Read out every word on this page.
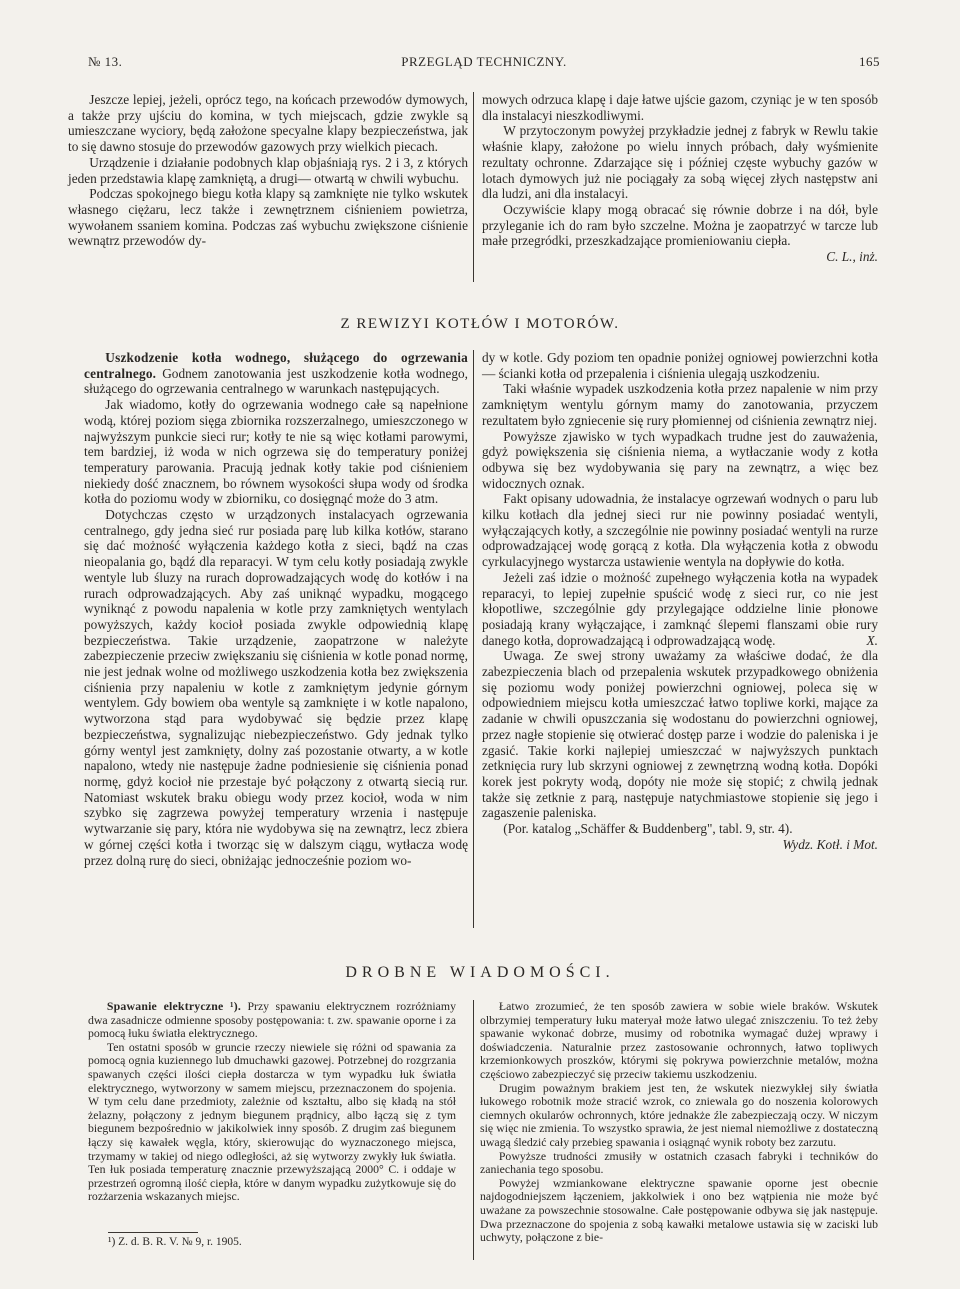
№ 13.	PRZEGLĄD TECHNICZNY.	165

Jeszcze lepiej, jeżeli, oprócz tego, na końcach przewodów dymowych, a także przy ujściu do komina, w tych miejscach, gdzie zwykle są umieszczane wyciory, będą założone specyalne klapy bezpieczeństwa, jak to się dawno stosuje do przewodów gazowych przy wielkich piecach.

Urządzenie i działanie podobnych klap objaśniają rys. 2 i 3, z których jeden przedstawia klapę zamkniętą, a drugi— otwartą w chwili wybuchu.

Podczas spokojnego biegu kotła klapy są zamknięte nie tylko wskutek własnego ciężaru, lecz także i zewnętrznem ciśnieniem powietrza, wywołanem ssaniem komina. Podczas zaś wybuchu zwiększone ciśnienie wewnątrz przewodów dy-

mowych odrzuca klapę i daje łatwe ujście gazom, czyniąc je w ten sposób dla instalacyi nieszkodliwymi.

W przytoczonym powyżej przykładzie jednej z fabryk w Rewlu takie właśnie klapy, założone po wielu innych próbach, dały wyśmienite rezultaty ochronne. Zdarzające się i później częste wybuchy gazów w lotach dymowych już nie pociągały za sobą więcej złych następstw ani dla ludzi, ani dla instalacyi.

Oczywiście klapy mogą obracać się równie dobrze i na dół, byle przyleganie ich do ram było szczelne. Można je zaopatrzyć w tarcze lub małe przegródki, przeszkadzające promieniowaniu ciepła.

C. L., inż.

Z REWIZYI KOTŁÓW I MOTORÓW.

Uszkodzenie kotła wodnego, służącego do ogrzewania centralnego. Godnem zanotowania jest uszkodzenie kotła wodnego, służącego do ogrzewania centralnego w warunkach następujących.

Jak wiadomo, kotły do ogrzewania wodnego całe są napełnione wodą, której poziom sięga zbiornika rozszerzalnego, umieszczonego w najwyższym punkcie sieci rur; kotły te nie są więc kotłami parowymi, tem bardziej, iż woda w nich ogrzewa się do temperatury poniżej temperatury parowania. Pracują jednak kotły takie pod ciśnieniem niekiedy dość znacznem, bo równem wysokości słupa wody od środka kotła do poziomu wody w zbiorniku, co dosięgnąć może do 3 atm.

Dotychczas często w urządzonych instalacyach ogrzewania centralnego, gdy jedna sieć rur posiada parę lub kilka kotłów, starano się dać możność wyłączenia każdego kotła z sieci, bądź na czas nieopalania go, bądź dla reparacyi. W tym celu kotły posiadają zwykle wentyle lub śluzy na rurach doprowadzających wodę do kotłów i na rurach odprowadzających. Aby zaś uniknąć wypadku, mogącego wyniknąć z powodu napalenia w kotle przy zamkniętych wentylach powyższych, każdy kocioł posiada zwykle odpowiednią klapę bezpieczeństwa. Takie urządzenie, zaopatrzone w należyte zabezpieczenie przeciw zwiększaniu się ciśnienia w kotle ponad normę, nie jest jednak wolne od możliwego uszkodzenia kotła bez zwiększenia ciśnienia przy napaleniu w kotle z zamkniętym jedynie górnym wentylem. Gdy bowiem oba wentyle są zamknięte i w kotle napalono, wytworzona stąd para wydobywać się będzie przez klapę bezpieczeństwa, sygnalizując niebezpieczeństwo. Gdy jednak tylko górny wentyl jest zamknięty, dolny zaś pozostanie otwarty, a w kotle napalono, wtedy nie następuje żadne podniesienie się ciśnienia ponad normę, gdyż kocioł nie przestaje być połączony z otwartą siecią rur. Natomiast wskutek braku obiegu wody przez kocioł, woda w nim szybko się zagrzewa powyżej temperatury wrzenia i następuje wytwarzanie się pary, która nie wydobywa się na zewnątrz, lecz zbiera w górnej części kotła i tworząc się w dalszym ciągu, wytłacza wodę przez dolną rurę do sieci, obniżając jednocześnie poziom wo-

dy w kotle. Gdy poziom ten opadnie poniżej ogniowej powierzchni kotła — ścianki kotła od przepalenia i ciśnienia ulegają uszkodzeniu.

Taki właśnie wypadek uszkodzenia kotła przez napalenie w nim przy zamkniętym wentylu górnym mamy do zanotowania, przyczem rezultatem było zgniecenie się rury płomiennej od ciśnienia zewnątrz niej.

Powyższe zjawisko w tych wypadkach trudne jest do zauważenia, gdyż powiększenia się ciśnienia niema, a wytłaczanie wody z kotła odbywa się bez wydobywania się pary na zewnątrz, a więc bez widocznych oznak.

Fakt opisany udowadnia, że instalacye ogrzewań wodnych o paru lub kilku kotłach dla jednej sieci rur nie powinny posiadać wentyli, wyłączających kotły, a szczególnie nie powinny posiadać wentyli na rurze odprowadzającej wodę gorącą z kotła. Dla wyłączenia kotła z obwodu cyrkulacyjnego wystarcza ustawienie wentyla na dopływie do kotła.

Jeżeli zaś idzie o możność zupełnego wyłączenia kotła na wypadek reparacyi, to lepiej zupełnie spuścić wodę z sieci rur, co nie jest kłopotliwe, szczególnie gdy przylegające oddzielne linie płonowe posiadają krany wyłączające, i zamknąć ślepemi flanszami obie rury danego kotła, doprowadzającą i odprowadzającą wodę.	X.

Uwaga. Ze swej strony uważamy za właściwe dodać, że dla zabezpieczenia blach od przepalenia wskutek przypadkowego obniżenia się poziomu wody poniżej powierzchni ogniowej, poleca się w odpowiedniem miejscu kotła umieszczać łatwo topliwe korki, mające za zadanie w chwili opuszczania się wodostanu do powierzchni ogniowej, przez nagłe stopienie się otwierać dostęp parze i wodzie do paleniska i je zgasić. Takie korki najlepiej umieszczać w najwyższych punktach zetknięcia rury lub skrzyni ogniowej z zewnętrzną wodną kotła. Dopóki korek jest pokryty wodą, dopóty nie może się stopić; z chwilą jednak także się zetknie z parą, następuje natychmiastowe stopienie się jego i zagaszenie paleniska.

(Por. katalog „Schäffer & Buddenberg", tabl. 9, str. 4).

Wydz. Kotł. i Mot.

DROBNE WIADOMOŚCI.

Spawanie elektryczne ¹). Przy spawaniu elektrycznem rozróżniamy dwa zasadnicze odmienne sposoby postępowania: t. zw. spawanie oporne i za pomocą łuku światła elektrycznego.

Ten ostatni sposób w gruncie rzeczy niewiele się różni od spawania za pomocą ognia kuziennego lub dmuchawki gazowej. Potrzebnej do rozgrzania spawanych części ilości ciepła dostarcza w tym wypadku łuk światła elektrycznego, wytworzony w samem miejscu, przeznaczonem do spojenia. W tym celu dane przedmioty, zależnie od kształtu, albo się kładą na stół żelazny, połączony z jednym biegunem prądnicy, albo łączą się z tym biegunem bezpośrednio w jakikolwiek inny sposób. Z drugim zaś biegunem łączy się kawałek węgla, który, skierowując do wyznaczonego miejsca, trzymamy w takiej od niego odległości, aż się wytworzy zwykły łuk światła. Ten łuk posiada temperaturę znacznie przewyższającą 2000° C. i oddaje w przestrzeń ogromną ilość ciepła, które w danym wypadku zużytkowuje się do rozżarzenia wskazanych miejsc.

Łatwo zrozumieć, że ten sposób zawiera w sobie wiele braków. Wskutek olbrzymiej temperatury łuku materyał może łatwo ulegać zniszczeniu. To też żeby spawanie wykonać dobrze, musimy od robotnika wymagać dużej wprawy i doświadczenia. Naturalnie przez zastosowanie ochronnych, łatwo topliwych krzemionkowych proszków, którymi się pokrywa powierzchnie metalów, można częściowo zabezpieczyć się przeciw takiemu uszkodzeniu.

Drugim poważnym brakiem jest ten, że wskutek niezwykłej siły światła łukowego robotnik może stracić wzrok, co zniewala go do noszenia kolorowych ciemnych okularów ochronnych, które jednakże źle zabezpieczają oczy. W niczym się więc nie zmienia. To wszystko sprawia, że jest niemal niemożliwe z dostateczną uwagą śledzić cały przebieg spawania i osiągnąć wynik roboty bez zarzutu.

Powyższe trudności zmusiły w ostatnich czasach fabryki i techników do zaniechania tego sposobu.

Powyżej wzmiankowane elektryczne spawanie oporne jest obecnie najdogodniejszem łączeniem, jakkolwiek i ono bez wątpienia nie może być uważane za powszechnie stosowalne. Całe postępowanie odbywa się jak następuje. Dwa przeznaczone do spojenia z sobą kawałki metalowe ustawia się w zaciski lub uchwyty, połączone z bie-

¹) Z. d. B. R. V. № 9, r. 1905.
